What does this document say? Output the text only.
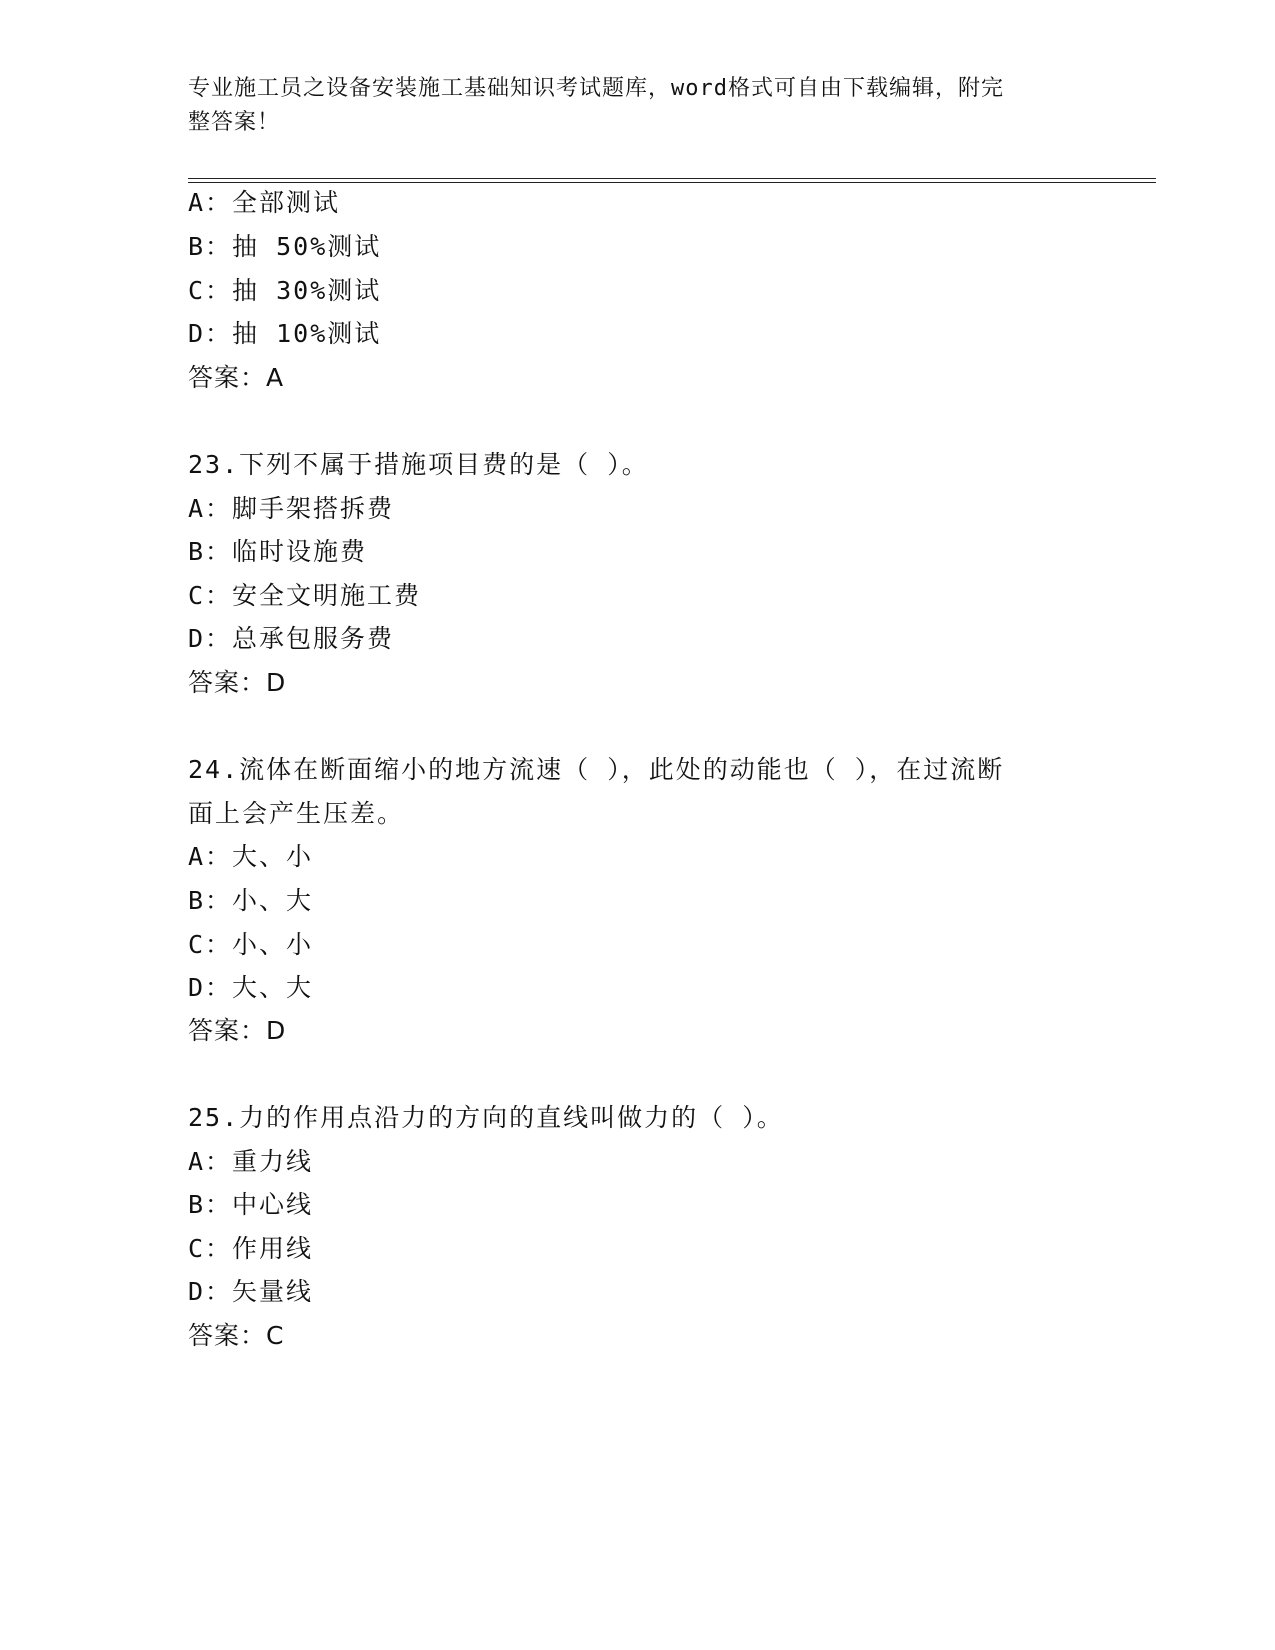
专业施工员之设备安装施工基础知识考试题库，word格式可自由下载编辑，附完
整答案！
A：全部测试
B：抽 50%测试
C：抽 30%测试
D：抽 10%测试
答案：A
23.下列不属于措施项目费的是（ ）。
A：脚手架搭拆费
B：临时设施费
C：安全文明施工费
D：总承包服务费
答案：D
24.流体在断面缩小的地方流速（ ），此处的动能也（ ），在过流断
面上会产生压差。
A：大、小
B：小、大
C：小、小
D：大、大
答案：D
25.力的作用点沿力的方向的直线叫做力的（ ）。
A：重力线
B：中心线
C：作用线
D：矢量线
答案：C
